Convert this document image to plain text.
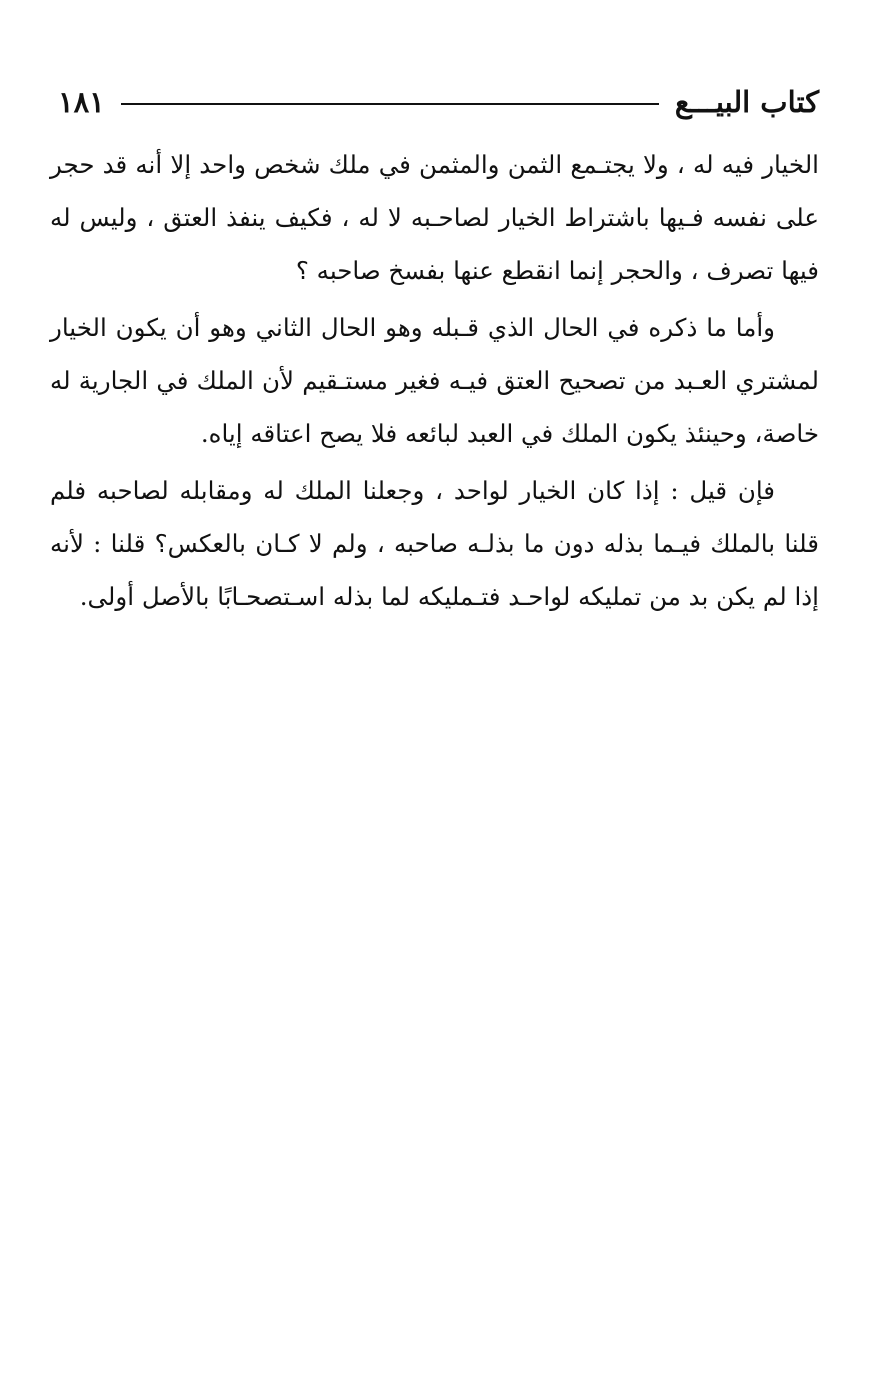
كتاب البيـــع
١٨١

الخيار فيه له ، ولا يجتـمع الثمن والمثمن في ملك شخص واحد إلا أنه قد حجر على نفسه فـيها باشتراط الخيار لصاحـبه لا له ، فكيف ينفذ العتق ، وليس له فيها تصرف ، والحجر إنما انقطع عنها بفسخ صاحبه ؟

وأما ما ذكره في الحال الذي قـبله وهو الحال الثاني وهو أن يكون الخيار لمشتري العـبد من تصحيح العتق فيـه فغير مستـقيم لأن الملك في الجارية له خاصة، وحينئذ يكون الملك في العبد لبائعه فلا يصح اعتاقه إياه.

فإن قيل : إذا كان الخيار لواحد ، وجعلنا الملك له ومقابله لصاحبه فلم قلنا بالملك فيـما بذله دون ما بذلـه صاحبه ، ولم لا كـان بالعكس؟ قلنا : لأنه إذا لم يكن بد من تمليكه لواحـد فتـمليكه لما بذله اسـتصحـابًا بالأصل أولى.
